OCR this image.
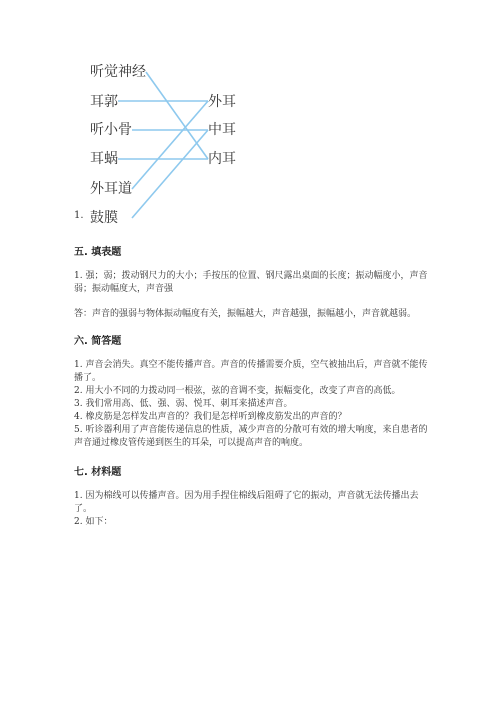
听觉神经
耳郭
听小骨
耳蜗
外耳道
鼓膜
外耳
中耳
内耳
1.

五. 填表题

1. 强；弱；拨动钢尺力的大小；手按压的位置、钢尺露出桌面的长度；振动幅度小，声音弱；振动幅度大，声音强

答：声音的强弱与物体振动幅度有关，振幅越大，声音越强，振幅越小，声音就越弱。

六. 简答题

1. 声音会消失。真空不能传播声音。声音的传播需要介质，空气被抽出后，声音就不能传播了。
2. 用大小不同的力拨动同一根弦，弦的音调不变，振幅变化，改变了声音的高低。
3. 我们常用高、低、强、弱、悦耳、刺耳来描述声音。
4. 橡皮筋是怎样发出声音的？我们是怎样听到橡皮筋发出的声音的？
5. 听诊器利用了声音能传递信息的性质，减少声音的分散可有效的增大响度，来自患者的声音通过橡皮管传递到医生的耳朵，可以提高声音的响度。

七. 材料题

1. 因为棉线可以传播声音。因为用手捏住棉线后阻碍了它的振动，声音就无法传播出去了。
2. 如下：
